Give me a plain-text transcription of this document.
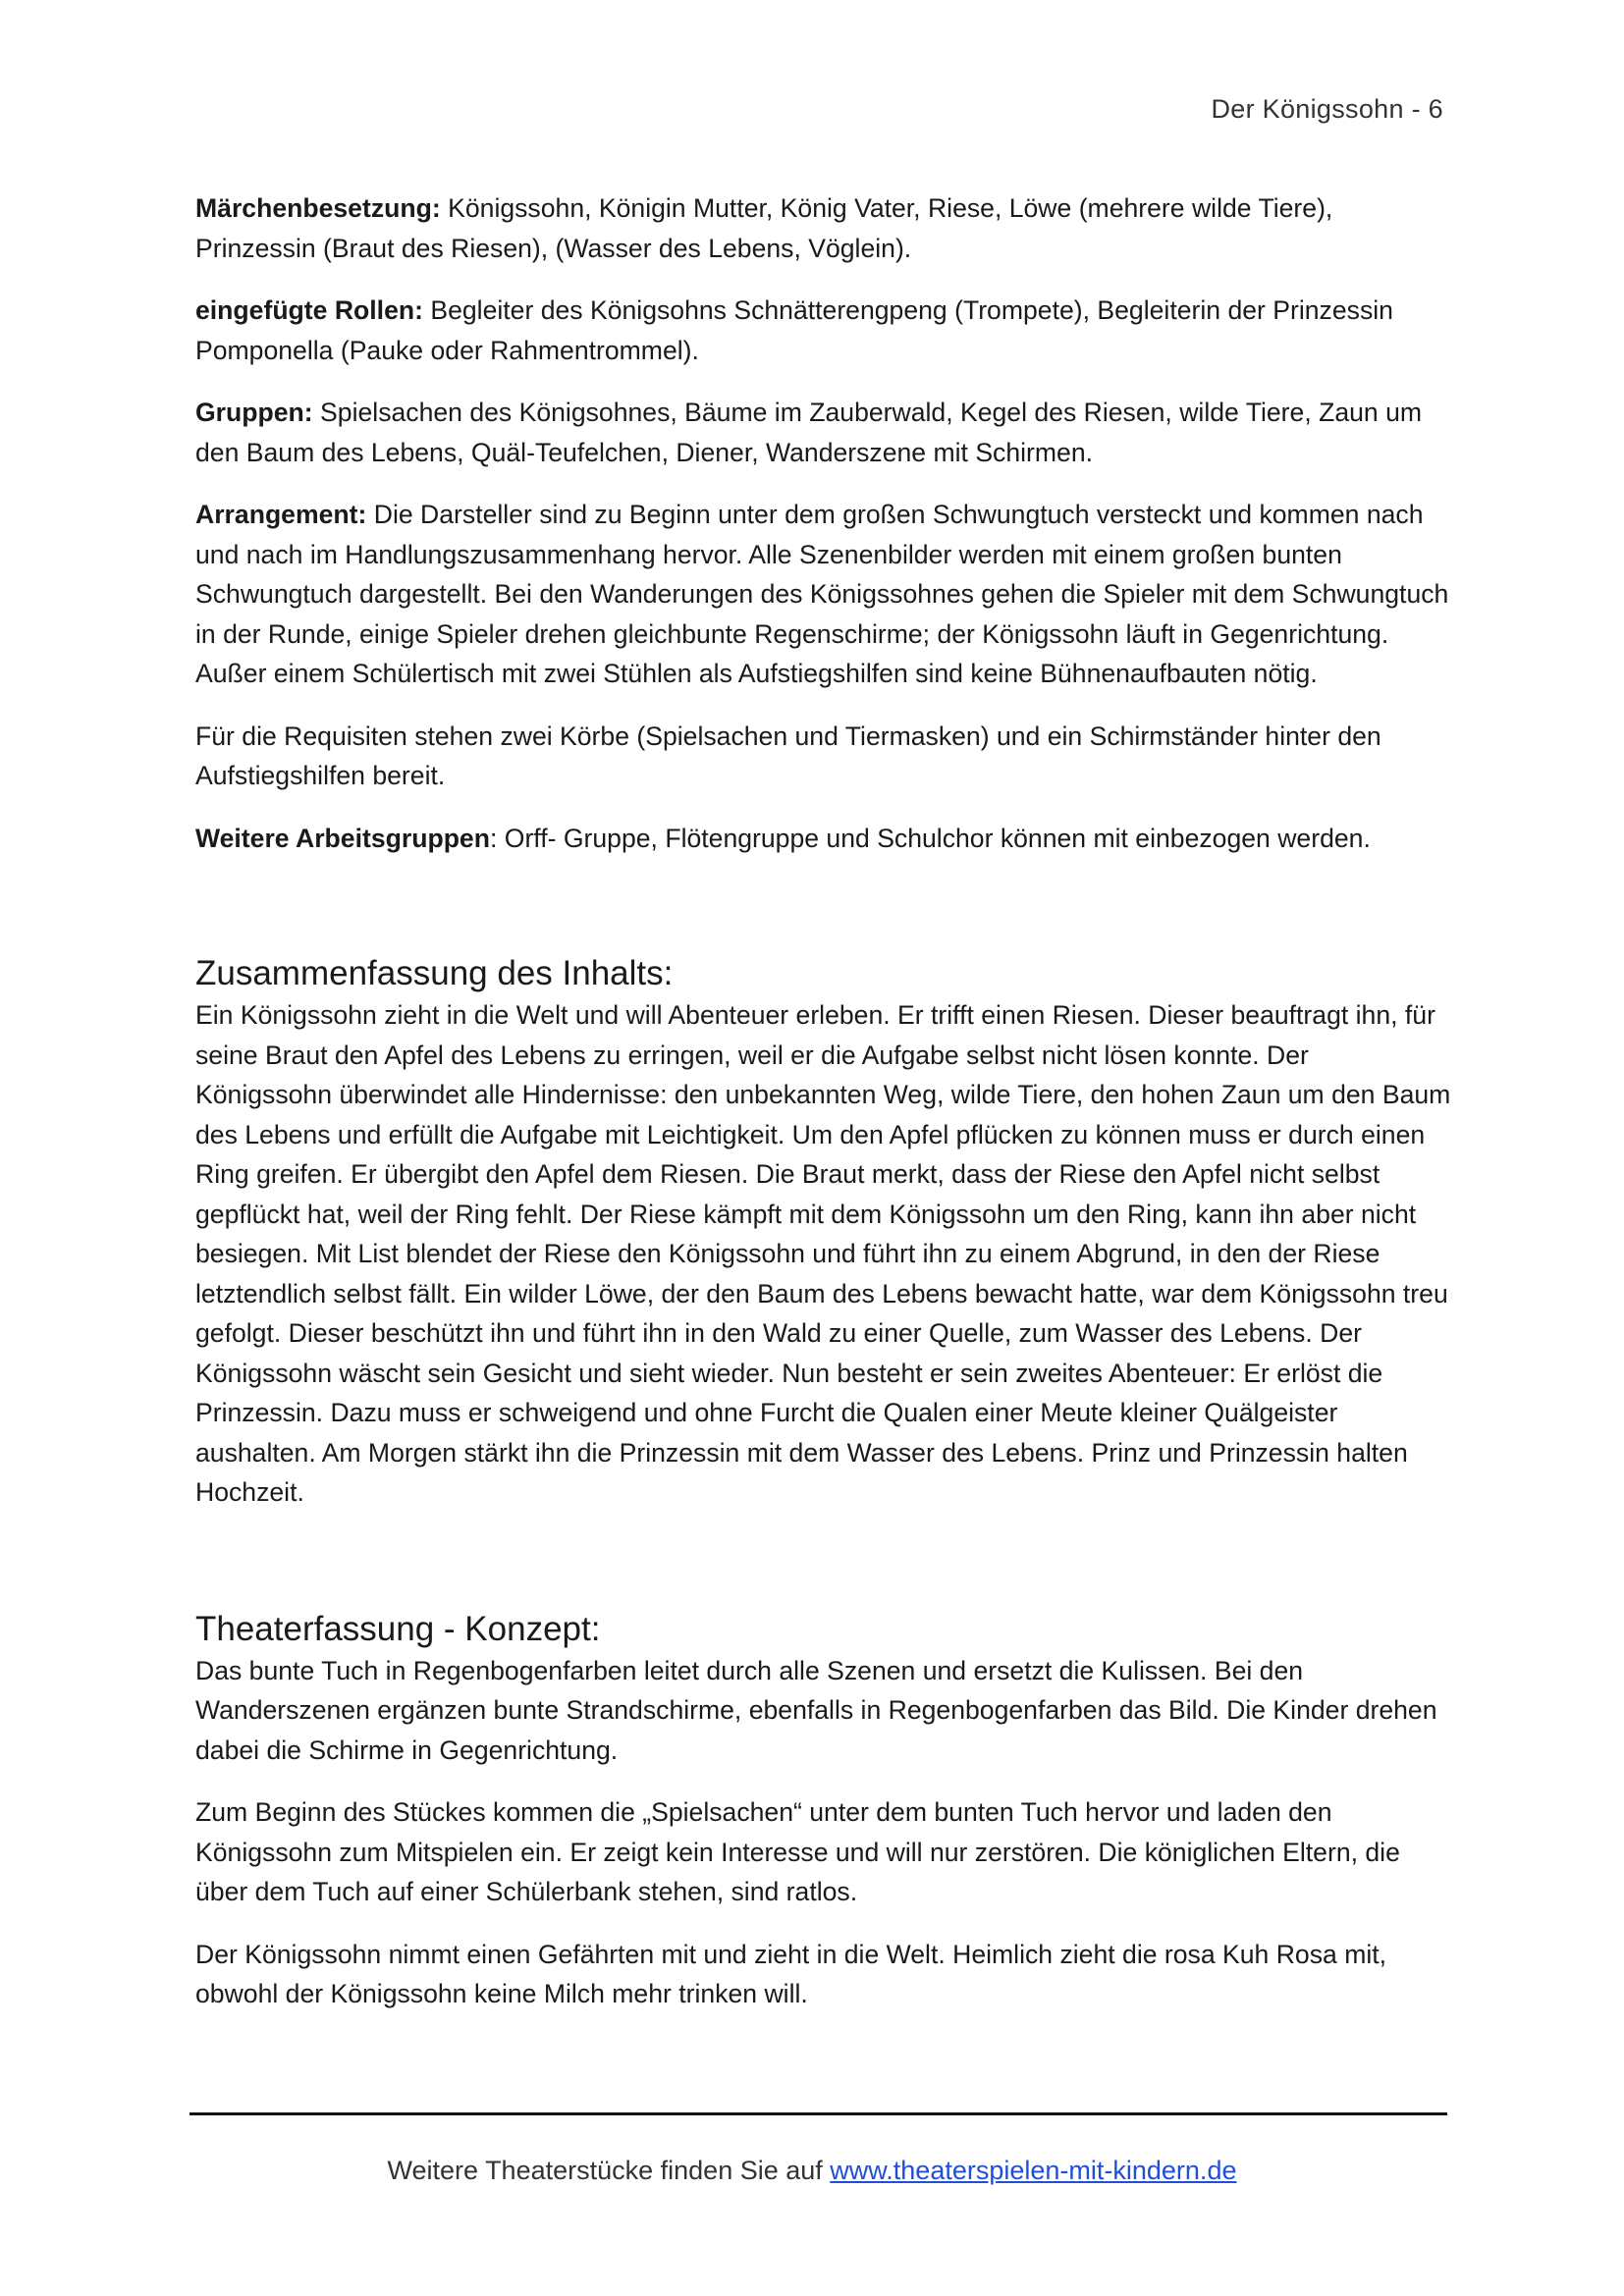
Der Königssohn - 6

Märchenbesetzung: Königssohn, Königin Mutter, König Vater, Riese, Löwe (mehrere wilde Tiere), Prinzessin (Braut des Riesen), (Wasser des Lebens, Vöglein).

eingefügte Rollen: Begleiter des Königsohns Schnätterengpeng (Trompete), Begleiterin der Prinzessin Pomponella (Pauke oder Rahmentrommel).

Gruppen: Spielsachen des Königsohnes, Bäume im Zauberwald, Kegel des Riesen, wilde Tiere, Zaun um den Baum des Lebens, Quäl-Teufelchen, Diener, Wanderszene mit Schirmen.

Arrangement: Die Darsteller sind zu Beginn unter dem großen Schwungtuch versteckt und kommen nach und nach im Handlungszusammenhang hervor. Alle Szenenbilder werden mit einem großen bunten Schwungtuch dargestellt. Bei den Wanderungen des Königssohnes gehen die Spieler mit dem Schwungtuch in der Runde, einige Spieler drehen gleichbunte Regenschirme; der Königssohn läuft in Gegenrichtung. Außer einem Schülertisch mit zwei Stühlen als Aufstiegshilfen sind keine Bühnenaufbauten nötig.

Für die Requisiten stehen zwei Körbe (Spielsachen und Tiermasken) und ein Schirmständer hinter den Aufstiegshilfen bereit.

Weitere Arbeitsgruppen: Orff- Gruppe, Flötengruppe und Schulchor können mit einbezogen werden.

Zusammenfassung des Inhalts:

Ein Königssohn zieht in die Welt und will Abenteuer erleben. Er trifft einen Riesen. Dieser beauftragt ihn, für seine Braut den Apfel des Lebens zu erringen, weil er die Aufgabe selbst nicht lösen konnte. Der Königssohn überwindet alle Hindernisse: den unbekannten Weg, wilde Tiere, den hohen Zaun um den Baum des Lebens und erfüllt die Aufgabe mit Leichtigkeit. Um den Apfel pflücken zu können muss er durch einen Ring greifen. Er übergibt den Apfel dem Riesen. Die Braut merkt, dass der Riese den Apfel nicht selbst gepflückt hat, weil der Ring fehlt. Der Riese kämpft mit dem Königssohn um den Ring, kann ihn aber nicht besiegen. Mit List blendet der Riese den Königssohn und führt ihn zu einem Abgrund, in den der Riese letztendlich selbst fällt. Ein wilder Löwe, der den Baum des Lebens bewacht hatte, war dem Königssohn treu gefolgt. Dieser beschützt ihn und führt ihn in den Wald zu einer Quelle, zum Wasser des Lebens. Der Königssohn wäscht sein Gesicht und sieht wieder. Nun besteht er sein zweites Abenteuer: Er erlöst die Prinzessin. Dazu muss er schweigend und ohne Furcht die Qualen einer Meute kleiner Quälgeister aushalten. Am Morgen stärkt ihn die Prinzessin mit dem Wasser des Lebens. Prinz und Prinzessin halten Hochzeit.

Theaterfassung - Konzept:

Das bunte Tuch in Regenbogenfarben leitet durch alle Szenen und ersetzt die Kulissen. Bei den Wanderszenen ergänzen bunte Strandschirme, ebenfalls in Regenbogenfarben das Bild. Die Kinder drehen dabei die Schirme in Gegenrichtung.

Zum Beginn des Stückes kommen die „Spielsachen“ unter dem bunten Tuch hervor und laden den Königssohn zum Mitspielen ein. Er zeigt kein Interesse und will nur zerstören. Die königlichen Eltern, die über dem Tuch auf einer Schülerbank stehen, sind ratlos.

Der Königssohn nimmt einen Gefährten mit und zieht in die Welt. Heimlich zieht die rosa Kuh Rosa mit, obwohl der Königssohn keine Milch mehr trinken will.

Weitere Theaterstücke finden Sie auf www.theaterspielen-mit-kindern.de
